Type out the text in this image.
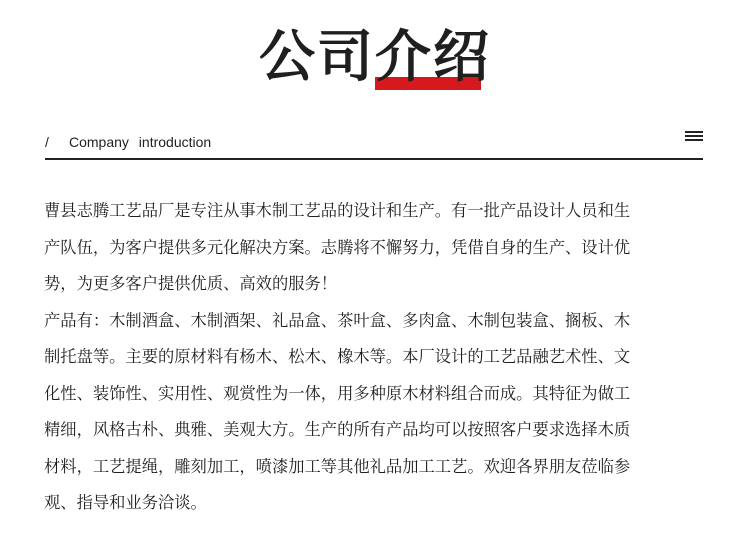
公司介绍
/ Company introduction
曹县志腾工艺品厂是专注从事木制工艺品的设计和生产。有一批产品设计人员和生
产队伍，为客户提供多元化解决方案。志腾将不懈努力，凭借自身的生产、设计优
势，为更多客户提供优质、高效的服务！
产品有：木制酒盒、木制酒架、礼品盒、茶叶盒、多肉盒、木制包装盒、搁板、木
制托盘等。主要的原材料有杨木、松木、橡木等。本厂设计的工艺品融艺术性、文
化性、装饰性、实用性、观赏性为一体，用多种原木材料组合而成。其特征为做工
精细，风格古朴、典雅、美观大方。生产的所有产品均可以按照客户要求选择木质
材料，工艺提绳，雕刻加工，喷漆加工等其他礼品加工工艺。欢迎各界朋友莅临参
观、指导和业务洽谈。
